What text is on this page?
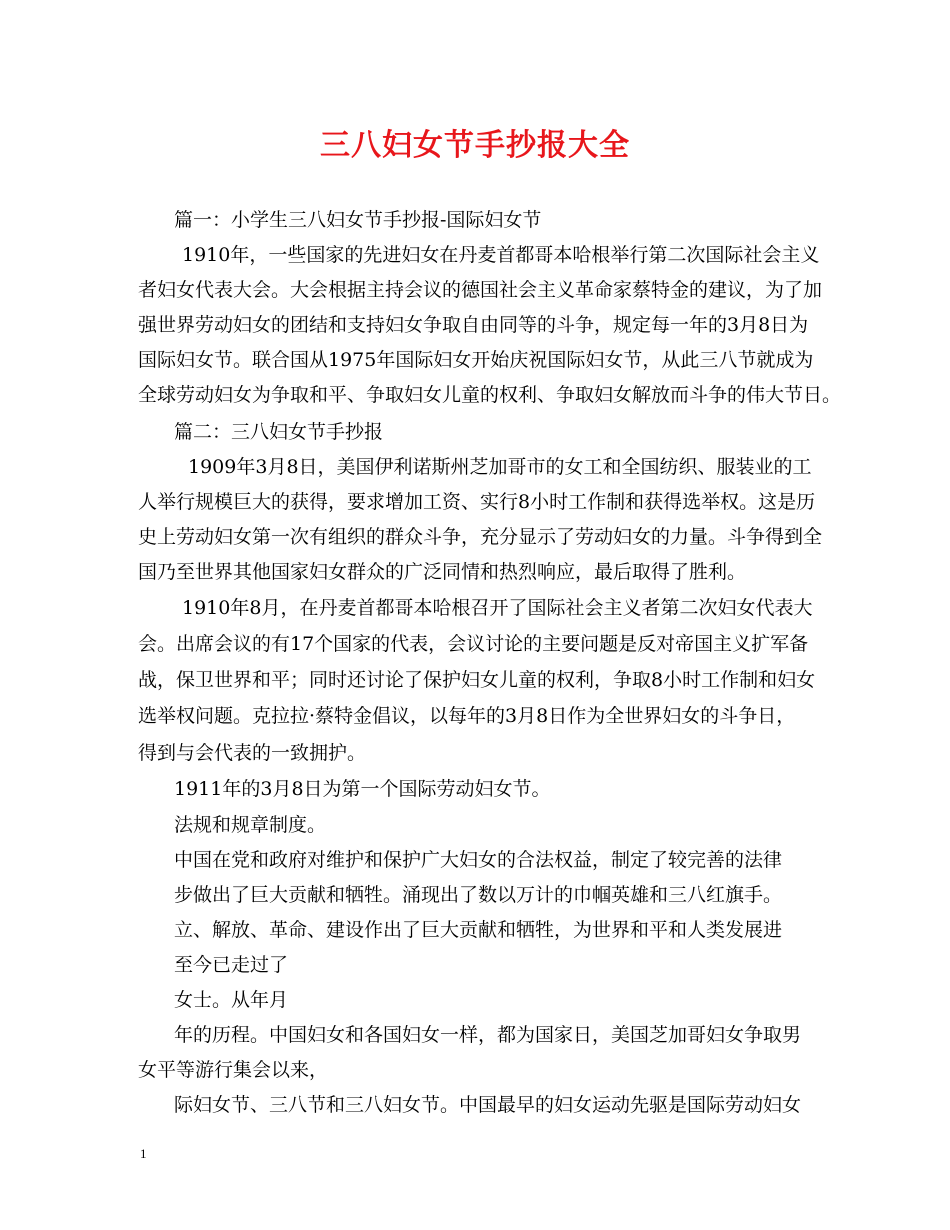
三八妇女节手抄报大全

篇一：小学生三八妇女节手抄报-国际妇女节

1910年，一些国家的先进妇女在丹麦首都哥本哈根举行第二次国际社会主义

者妇女代表大会。大会根据主持会议的德国社会主义革命家蔡特金的建议，为了加

强世界劳动妇女的团结和支持妇女争取自由同等的斗争，规定每一年的3月8日为

国际妇女节。联合国从1975年国际妇女开始庆祝国际妇女节，从此三八节就成为

全球劳动妇女为争取和平、争取妇女儿童的权利、争取妇女解放而斗争的伟大节日。

篇二：三八妇女节手抄报

1909年3月8日，美国伊利诺斯州芝加哥市的女工和全国纺织、服装业的工

人举行规模巨大的获得，要求增加工资、实行8小时工作制和获得选举权。这是历

史上劳动妇女第一次有组织的群众斗争，充分显示了劳动妇女的力量。斗争得到全

国乃至世界其他国家妇女群众的广泛同情和热烈响应，最后取得了胜利。

1910年8月，在丹麦首都哥本哈根召开了国际社会主义者第二次妇女代表大

会。出席会议的有17个国家的代表，会议讨论的主要问题是反对帝国主义扩军备

战，保卫世界和平；同时还讨论了保护妇女儿童的权利，争取8小时工作制和妇女

选举权问题。克拉拉·蔡特金倡议，以每年的3月8日作为全世界妇女的斗争日，

得到与会代表的一致拥护。

1911年的3月8日为第一个国际劳动妇女节。

法规和规章制度。

中国在党和政府对维护和保护广大妇女的合法权益，制定了较完善的法律

步做出了巨大贡献和牺牲。涌现出了数以万计的巾帼英雄和三八红旗手。

立、解放、革命、建设作出了巨大贡献和牺牲，为世界和平和人类发展进

至今已走过了

女士。从年月

年的历程。中国妇女和各国妇女一样，都为国家日，美国芝加哥妇女争取男

女平等游行集会以来，

际妇女节、三八节和三八妇女节。中国最早的妇女运动先驱是国际劳动妇女

1
